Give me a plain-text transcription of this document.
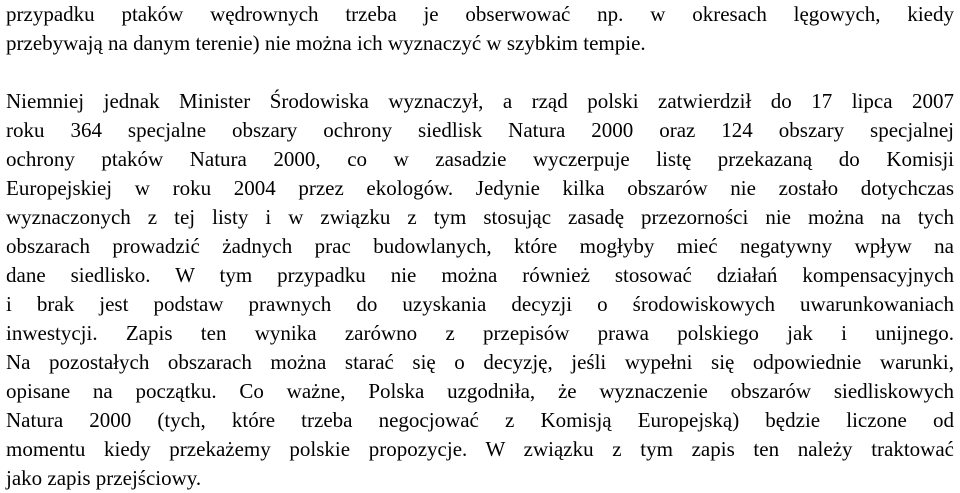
przypadku ptaków wędrownych trzeba je obserwować np. w okresach lęgowych, kiedy
przebywają na danym terenie) nie można ich wyznaczyć w szybkim tempie.

Niemniej jednak Minister Środowiska wyznaczył, a rząd polski zatwierdził do 17 lipca 2007
roku 364 specjalne obszary ochrony siedlisk Natura 2000 oraz 124 obszary specjalnej
ochrony ptaków Natura 2000, co w zasadzie wyczerpuje listę przekazaną do Komisji
Europejskiej w roku 2004 przez ekologów. Jedynie kilka obszarów nie zostało dotychczas
wyznaczonych z tej listy i w związku z tym stosując zasadę przezorności nie można na tych
obszarach prowadzić żadnych prac budowlanych, które mogłyby mieć negatywny wpływ na
dane siedlisko. W tym przypadku nie można również stosować działań kompensacyjnych
i brak jest podstaw prawnych do uzyskania decyzji o środowiskowych uwarunkowaniach
inwestycji. Zapis ten wynika zarówno z przepisów prawa polskiego jak i unijnego.
Na pozostałych obszarach można starać się o decyzję, jeśli wypełni się odpowiednie warunki,
opisane na początku. Co ważne, Polska uzgodniła, że wyznaczenie obszarów siedliskowych
Natura 2000 (tych, które trzeba negocjować z Komisją Europejską) będzie liczone od
momentu kiedy przekażemy polskie propozycje. W związku z tym zapis ten należy traktować
jako zapis przejściowy.
